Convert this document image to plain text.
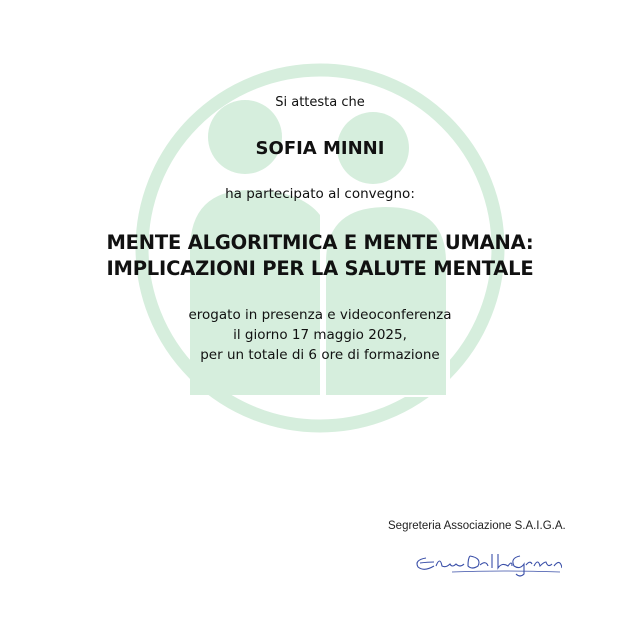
Si attesta che
SOFIA MINNI
ha partecipato al convegno:
MENTE ALGORITMICA E MENTE UMANA:
IMPLICAZIONI PER LA SALUTE MENTALE
erogato in presenza e videoconferenza
il giorno 17 maggio 2025,
per un totale di 6 ore di formazione
Segreteria Associazione S.A.I.G.A.
